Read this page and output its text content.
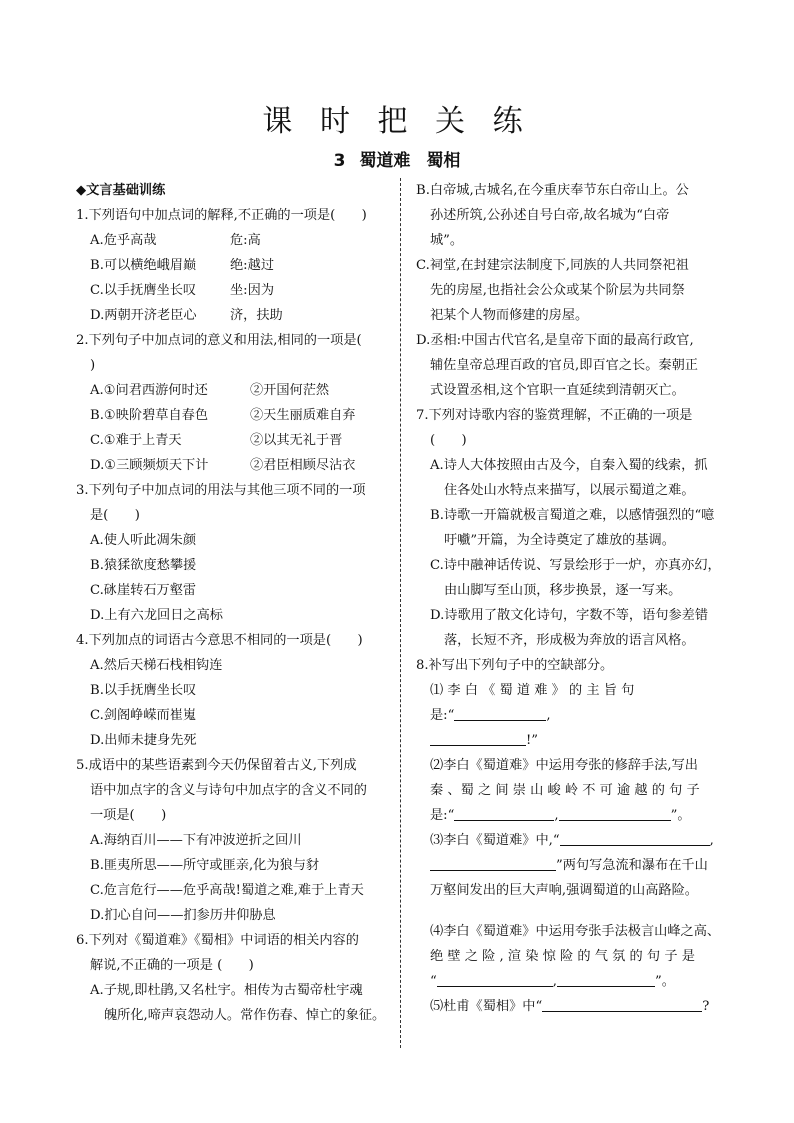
课 时 把 关 练
3 蜀道难 蜀相
◆文言基础训练
1.下列语句中加点词的解释,不正确的一项是(　　)
A.危乎高哉	危:高
B.可以横绝峨眉巅	绝:越过
C.以手抚膺坐长叹	坐:因为
D.两朝开济老臣心	济，扶助
2.下列句子中加点词的意义和用法,相同的一项是(
)
A.①问君西游何时还	②开国何茫然
B.①映阶碧草自春色	②天生丽质难自弃
C.①难于上青天	②以其无礼于晋
D.①三顾频烦天下计	②君臣相顾尽沾衣
3.下列句子中加点词的用法与其他三项不同的一项
是(　　)
A.使人听此凋朱颜
B.猿猱欲度愁攀援
C.砯崖转石万壑雷
D.上有六龙回日之高标
4.下列加点的词语古今意思不相同的一项是(　　)
A.然后天梯石栈相钩连
B.以手抚膺坐长叹
C.剑阁峥嵘而崔嵬
D.出师未捷身先死
5.成语中的某些语素到今天仍保留着古义,下列成
语中加点字的含义与诗句中加点字的含义不同的
一项是(　　)
A.海纳百川——下有冲波逆折之回川
B.匪夷所思——所守或匪亲,化为狼与豺
C.危言危行——危乎高哉!蜀道之难,难于上青天
D.扪心自问——扪参历井仰胁息
6.下列对《蜀道难》《蜀相》中词语的相关内容的
解说,不正确的一项是 (　　)
A.子规,即杜鹃,又名杜宇。相传为古蜀帝杜宇魂
魄所化,啼声哀怨动人。常作伤春、悼亡的象征。
B.白帝城,古城名,在今重庆奉节东白帝山上。公
孙述所筑,公孙述自号白帝,故名城为“白帝
城”。
C.祠堂,在封建宗法制度下,同族的人共同祭祀祖
先的房屋,也指社会公众或某个阶层为共同祭
祀某个人物而修建的房屋。
D.丞相:中国古代官名,是皇帝下面的最高行政官,
辅佐皇帝总理百政的官员,即百官之长。秦朝正
式设置丞相,这个官职一直延续到清朝灭亡。
7.下列对诗歌内容的鉴赏理解，不正确的一项是
(　　)
A.诗人大体按照由古及今，自秦入蜀的线索，抓
住各处山水特点来描写，以展示蜀道之难。
B.诗歌一开篇就极言蜀道之难，以感情强烈的“噫
吁嚱”开篇，为全诗奠定了雄放的基调。
C.诗中融神话传说、写景绘形于一炉，亦真亦幻，
由山脚写至山顶，移步换景，逐一写来。
D.诗歌用了散文化诗句，字数不等，语句参差错
落，长短不齐，形成极为奔放的语言风格。
8.补写出下列句子中的空缺部分。
⑴ 李 白 《 蜀 道 难 》 的 主 旨 句
是:“	,
!”
⑵李白《蜀道难》中运用夸张的修辞手法,写出
秦 、蜀 之 间 崇 山 峻 岭 不 可 逾 越 的 句 子
是:“	,	”。
⑶李白《蜀道难》中,“	,
”两句写急流和瀑布在千山
万壑间发出的巨大声响,强调蜀道的山高路险。
⑷李白《蜀道难》中运用夸张手法极言山峰之高、
绝 壁 之 险 , 渲 染 惊 险 的 气 氛 的 句 子 是
“	,	”。
⑸杜甫《蜀相》中“	?
